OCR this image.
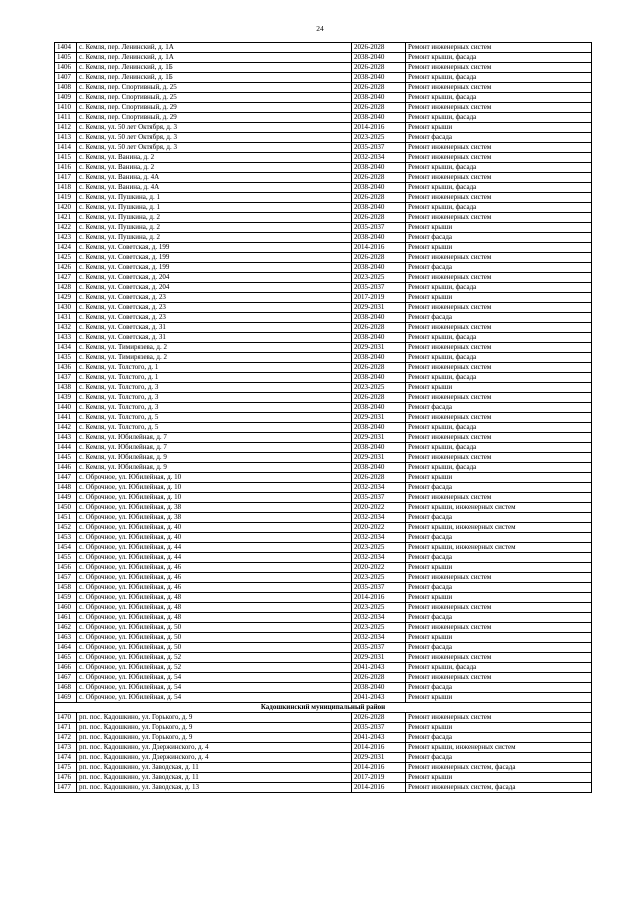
24
1404	с. Кемля, пер. Ленинский, д. 1А	2026-2028	Ремонт инженерных систем
1405	с. Кемля, пер. Ленинский, д. 1А	2038-2040	Ремонт крыши, фасада
1406	с. Кемля, пер. Ленинский, д. 1Б	2026-2028	Ремонт инженерных систем
1407	с. Кемля, пер. Ленинский, д. 1Б	2038-2040	Ремонт крыши, фасада
1408	с. Кемля, пер. Спортивный, д. 25	2026-2028	Ремонт инженерных систем
1409	с. Кемля, пер. Спортивный, д. 25	2038-2040	Ремонт крыши, фасада
1410	с. Кемля, пер. Спортивный, д. 29	2026-2028	Ремонт инженерных систем
1411	с. Кемля, пер. Спортивный, д. 29	2038-2040	Ремонт крыши, фасада
1412	с. Кемля, ул. 50 лет Октября, д. 3	2014-2016	Ремонт крыши
1413	с. Кемля, ул. 50 лет Октября, д. 3	2023-2025	Ремонт фасада
1414	с. Кемля, ул. 50 лет Октября, д. 3	2035-2037	Ремонт инженерных систем
1415	с. Кемля, ул. Ванина, д. 2	2032-2034	Ремонт инженерных систем
1416	с. Кемля, ул. Ванина, д. 2	2038-2040	Ремонт крыши, фасада
1417	с. Кемля, ул. Ванина, д. 4А	2026-2028	Ремонт инженерных систем
1418	с. Кемля, ул. Ванина, д. 4А	2038-2040	Ремонт крыши, фасада
1419	с. Кемля, ул. Пушкина, д. 1	2026-2028	Ремонт инженерных систем
1420	с. Кемля, ул. Пушкина, д. 1	2038-2040	Ремонт крыши, фасада
1421	с. Кемля, ул. Пушкина, д. 2	2026-2028	Ремонт инженерных систем
1422	с. Кемля, ул. Пушкина, д. 2	2035-2037	Ремонт крыши
1423	с. Кемля, ул. Пушкина, д. 2	2038-2040	Ремонт фасада
1424	с. Кемля, ул. Советская, д. 199	2014-2016	Ремонт крыши
1425	с. Кемля, ул. Советская, д. 199	2026-2028	Ремонт инженерных систем
1426	с. Кемля, ул. Советская, д. 199	2038-2040	Ремонт фасада
1427	с. Кемля, ул. Советская, д. 204	2023-2025	Ремонт инженерных систем
1428	с. Кемля, ул. Советская, д. 204	2035-2037	Ремонт крыши, фасада
1429	с. Кемля, ул. Советская, д. 23	2017-2019	Ремонт крыши
1430	с. Кемля, ул. Советская, д. 23	2029-2031	Ремонт инженерных систем
1431	с. Кемля, ул. Советская, д. 23	2038-2040	Ремонт фасада
1432	с. Кемля, ул. Советская, д. 31	2026-2028	Ремонт инженерных систем
1433	с. Кемля, ул. Советская, д. 31	2038-2040	Ремонт крыши, фасада
1434	с. Кемля, ул. Тимирязева, д. 2	2029-2031	Ремонт инженерных систем
1435	с. Кемля, ул. Тимирязева, д. 2	2038-2040	Ремонт крыши, фасада
1436	с. Кемля, ул. Толстого, д. 1	2026-2028	Ремонт инженерных систем
1437	с. Кемля, ул. Толстого, д. 1	2038-2040	Ремонт крыши, фасада
1438	с. Кемля, ул. Толстого, д. 3	2023-2025	Ремонт крыши
1439	с. Кемля, ул. Толстого, д. 3	2026-2028	Ремонт инженерных систем
1440	с. Кемля, ул. Толстого, д. 3	2038-2040	Ремонт фасада
1441	с. Кемля, ул. Толстого, д. 5	2029-2031	Ремонт инженерных систем
1442	с. Кемля, ул. Толстого, д. 5	2038-2040	Ремонт крыши, фасада
1443	с. Кемля, ул. Юбилейная, д. 7	2029-2031	Ремонт инженерных систем
1444	с. Кемля, ул. Юбилейная, д. 7	2038-2040	Ремонт крыши, фасада
1445	с. Кемля, ул. Юбилейная, д. 9	2029-2031	Ремонт инженерных систем
1446	с. Кемля, ул. Юбилейная, д. 9	2038-2040	Ремонт крыши, фасада
1447	с. Оброчное, ул. Юбилейная, д. 10	2026-2028	Ремонт крыши
1448	с. Оброчное, ул. Юбилейная, д. 10	2032-2034	Ремонт фасада
1449	с. Оброчное, ул. Юбилейная, д. 10	2035-2037	Ремонт инженерных систем
1450	с. Оброчное, ул. Юбилейная, д. 38	2020-2022	Ремонт крыши, инженерных систем
1451	с. Оброчное, ул. Юбилейная, д. 38	2032-2034	Ремонт фасада
1452	с. Оброчное, ул. Юбилейная, д. 40	2020-2022	Ремонт крыши, инженерных систем
1453	с. Оброчное, ул. Юбилейная, д. 40	2032-2034	Ремонт фасада
1454	с. Оброчное, ул. Юбилейная, д. 44	2023-2025	Ремонт крыши, инженерных систем
1455	с. Оброчное, ул. Юбилейная, д. 44	2032-2034	Ремонт фасада
1456	с. Оброчное, ул. Юбилейная, д. 46	2020-2022	Ремонт крыши
1457	с. Оброчное, ул. Юбилейная, д. 46	2023-2025	Ремонт инженерных систем
1458	с. Оброчное, ул. Юбилейная, д. 46	2035-2037	Ремонт фасада
1459	с. Оброчное, ул. Юбилейная, д. 48	2014-2016	Ремонт крыши
1460	с. Оброчное, ул. Юбилейная, д. 48	2023-2025	Ремонт инженерных систем
1461	с. Оброчное, ул. Юбилейная, д. 48	2032-2034	Ремонт фасада
1462	с. Оброчное, ул. Юбилейная, д. 50	2023-2025	Ремонт инженерных систем
1463	с. Оброчное, ул. Юбилейная, д. 50	2032-2034	Ремонт крыши
1464	с. Оброчное, ул. Юбилейная, д. 50	2035-2037	Ремонт фасада
1465	с. Оброчное, ул. Юбилейная, д. 52	2029-2031	Ремонт инженерных систем
1466	с. Оброчное, ул. Юбилейная, д. 52	2041-2043	Ремонт крыши, фасада
1467	с. Оброчное, ул. Юбилейная, д. 54	2026-2028	Ремонт инженерных систем
1468	с. Оброчное, ул. Юбилейная, д. 54	2038-2040	Ремонт фасада
1469	с. Оброчное, ул. Юбилейная, д. 54	2041-2043	Ремонт крыши
Кадошкинский муниципальный район			
1470	рп. пос. Кадошкино, ул. Горького, д. 9	2026-2028	Ремонт инженерных систем
1471	рп. пос. Кадошкино, ул. Горького, д. 9	2035-2037	Ремонт крыши
1472	рп. пос. Кадошкино, ул. Горького, д. 9	2041-2043	Ремонт фасада
1473	рп. пос. Кадошкино, ул. Дзержинского, д. 4	2014-2016	Ремонт крыши, инженерных систем
1474	рп. пос. Кадошкино, ул. Дзержинского, д. 4	2029-2031	Ремонт фасада
1475	рп. пос. Кадошкино, ул. Заводская, д. 11	2014-2016	Ремонт инженерных систем, фасада
1476	рп. пос. Кадошкино, ул. Заводская, д. 11	2017-2019	Ремонт крыши
1477	рп. пос. Кадошкино, ул. Заводская, д. 13	2014-2016	Ремонт инженерных систем, фасада
